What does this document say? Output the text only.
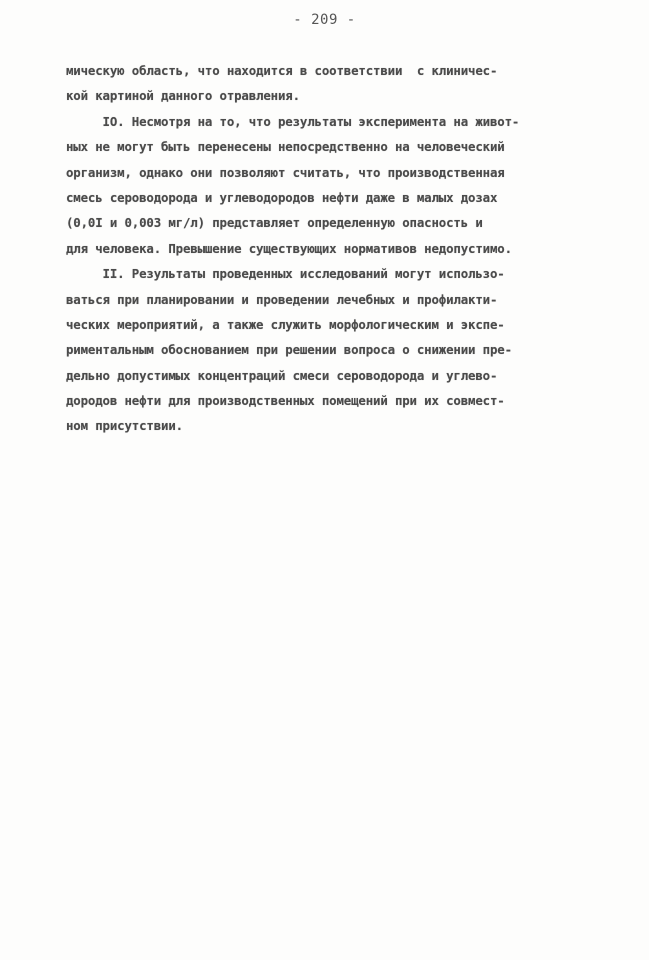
- 209 -
мическую область, что находится в соответствии  с клиничес-
кой картиной данного отравления.
IO. Несмотря на то, что результаты эксперимента на живот-
ных не могут быть перенесены непосредственно на человеческий
организм, однако они позволяют считать, что производственная
смесь сероводорода и углеводородов нефти даже в малых дозах
(0,0I и 0,003 мг/л) представляет определенную опасность и
для человека. Превышение существующих нормативов недопустимо.
II. Результаты проведенных исследований могут использо-
ваться при планировании и проведении лечебных и профилакти-
ческих мероприятий, а также служить морфологическим и экспе-
риментальным обоснованием при решении вопроса о снижении пре-
дельно допустимых концентраций смеси сероводорода и углево-
дородов нефти для производственных помещений при их совмест-
ном присутствии.
